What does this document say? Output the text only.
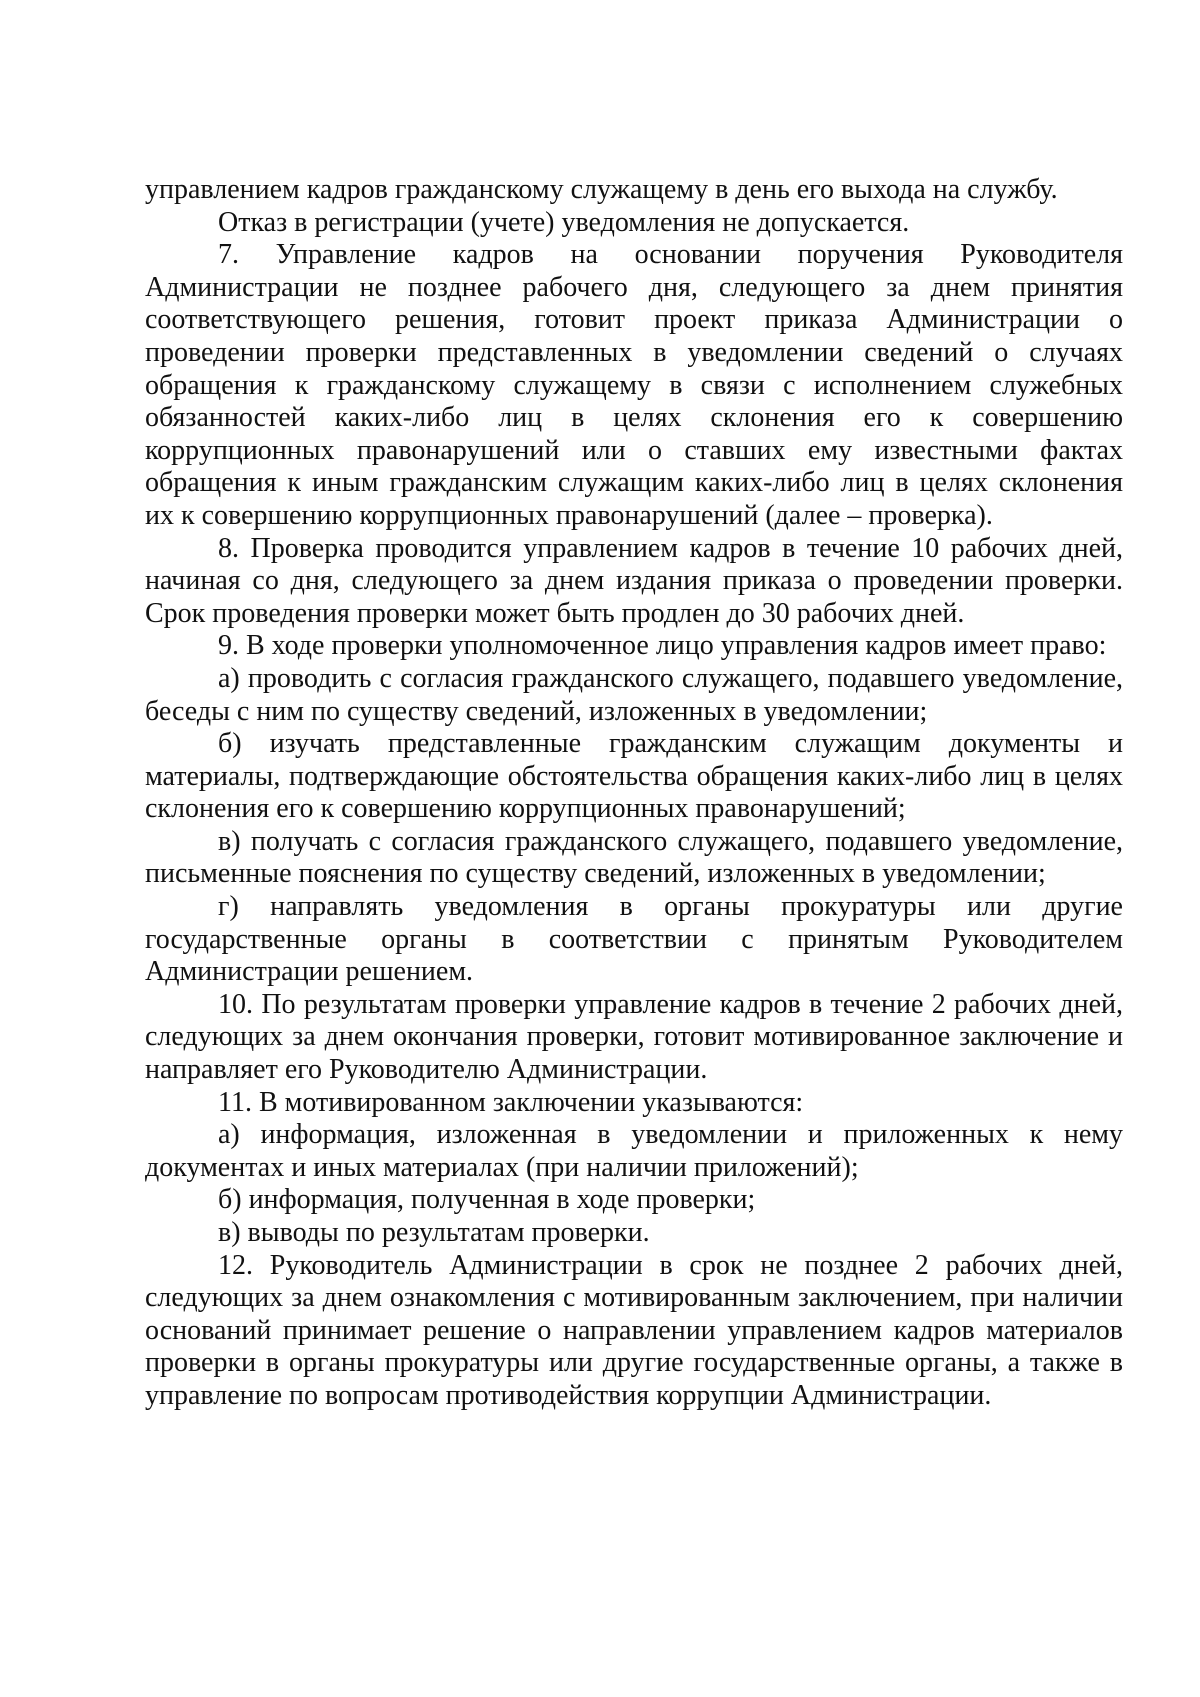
управлением кадров гражданскому служащему в день его выхода на службу.

Отказ в регистрации (учете) уведомления не допускается.

7. Управление кадров на основании поручения Руководителя Администрации не позднее рабочего дня, следующего за днем принятия соответствующего решения, готовит проект приказа Администрации о проведении проверки представленных в уведомлении сведений о случаях обращения к гражданскому служащему в связи с исполнением служебных обязанностей каких-либо лиц в целях склонения его к совершению коррупционных правонарушений или о ставших ему известными фактах обращения к иным гражданским служащим каких-либо лиц в целях склонения их к совершению коррупционных правонарушений (далее – проверка).

8. Проверка проводится управлением кадров в течение 10 рабочих дней, начиная со дня, следующего за днем издания приказа о проведении проверки. Срок проведения проверки может быть продлен до 30 рабочих дней.

9. В ходе проверки уполномоченное лицо управления кадров имеет право:

а) проводить с согласия гражданского служащего, подавшего уведомление, беседы с ним по существу сведений, изложенных в уведомлении;

б) изучать представленные гражданским служащим документы и материалы, подтверждающие обстоятельства обращения каких-либо лиц в целях склонения его к совершению коррупционных правонарушений;

в) получать с согласия гражданского служащего, подавшего уведомление, письменные пояснения по существу сведений, изложенных в уведомлении;

г) направлять уведомления в органы прокуратуры или другие государственные органы в соответствии с принятым Руководителем Администрации решением.

10. По результатам проверки управление кадров в течение 2 рабочих дней, следующих за днем окончания проверки, готовит мотивированное заключение и направляет его Руководителю Администрации.

11. В мотивированном заключении указываются:

а) информация, изложенная в уведомлении и приложенных к нему документах и иных материалах (при наличии приложений);

б) информация, полученная в ходе проверки;

в) выводы по результатам проверки.

12. Руководитель Администрации в срок не позднее 2 рабочих дней, следующих за днем ознакомления с мотивированным заключением, при наличии оснований принимает решение о направлении управлением кадров материалов проверки в органы прокуратуры или другие государственные органы, а также в управление по вопросам противодействия коррупции Администрации.
